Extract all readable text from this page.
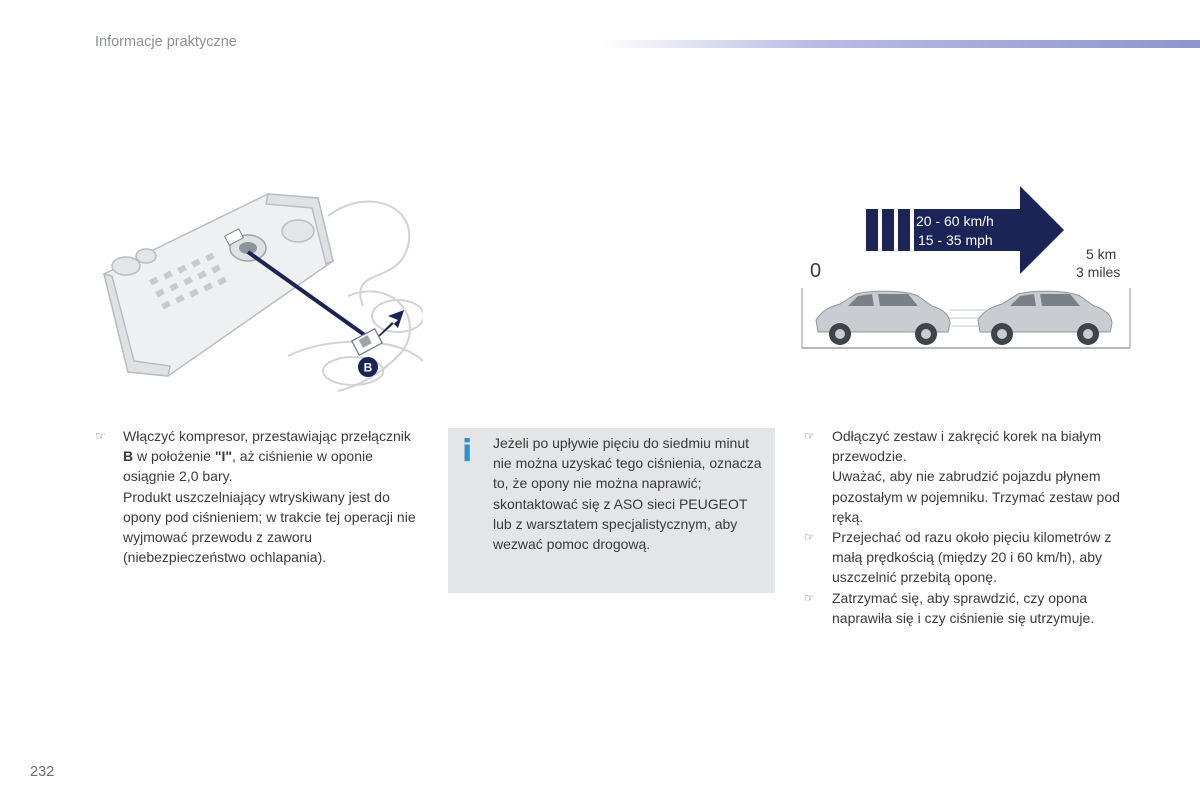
Informacje praktyczne
B
20 - 60 km/h
15 - 35 mph
0
5 km
3 miles
☞ Włączyć kompresor, przestawiając przełącznik B w położenie "I", aż ciśnienie w oponie osiągnie 2,0 bary.
Produkt uszczelniający wtryskiwany jest do opony pod ciśnieniem; w trakcie tej operacji nie wyjmować przewodu z zaworu (niebezpieczeństwo ochlapania).
i Jeżeli po upływie pięciu do siedmiu minut nie można uzyskać tego ciśnienia, oznacza to, że opony nie można naprawić; skontaktować się z ASO sieci PEUGEOT lub z warsztatem specjalistycznym, aby wezwać pomoc drogową.
☞ Odłączyć zestaw i zakręcić korek na białym przewodzie.
Uważać, aby nie zabrudzić pojazdu płynem pozostałym w pojemniku. Trzymać zestaw pod ręką.
☞ Przejechać od razu około pięciu kilometrów z małą prędkością (między 20 i 60 km/h), aby uszczelnić przebitą oponę.
☞ Zatrzymać się, aby sprawdzić, czy opona naprawiła się i czy ciśnienie się utrzymuje.
232
